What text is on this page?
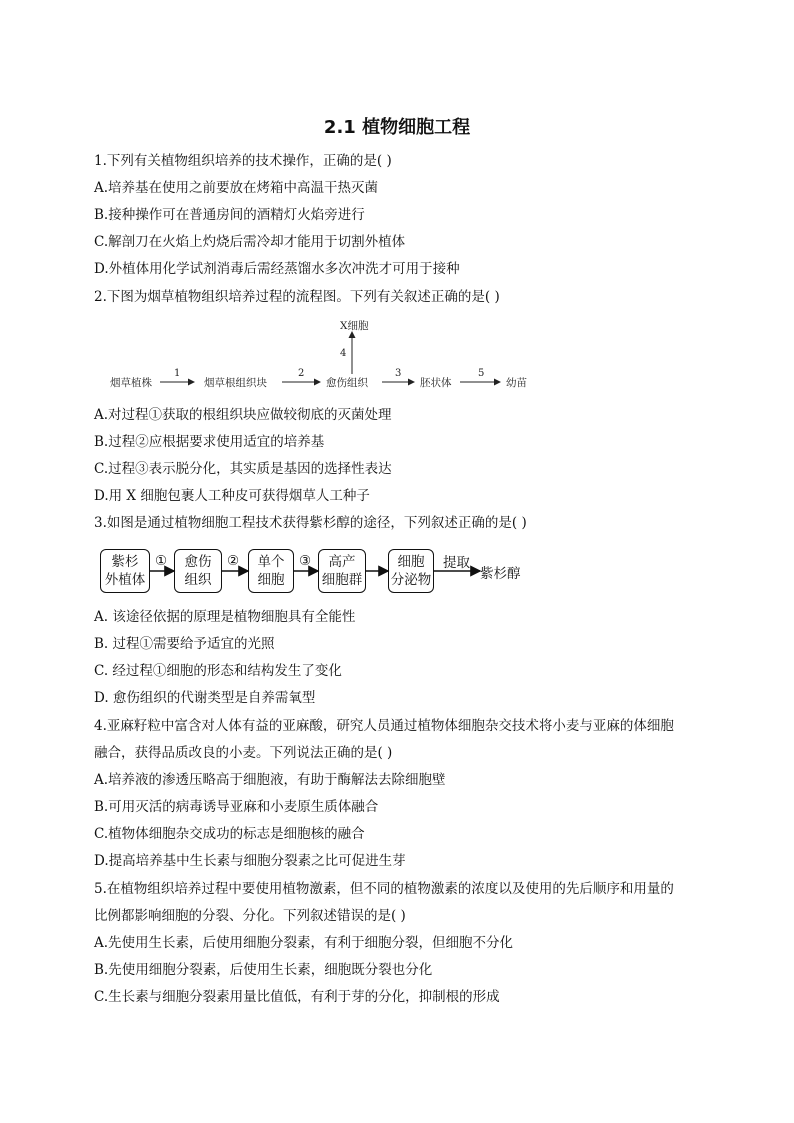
2.1 植物细胞工程
1.下列有关植物组织培养的技术操作，正确的是( )
A.培养基在使用之前要放在烤箱中高温干热灭菌
B.接种操作可在普通房间的酒精灯火焰旁进行
C.解剖刀在火焰上灼烧后需冷却才能用于切割外植体
D.外植体用化学试剂消毒后需经蒸馏水多次冲洗才可用于接种
2.下图为烟草植物组织培养过程的流程图。下列有关叙述正确的是( )
X细胞
4
烟草植株
1
烟草根组织块
2
愈伤组织
3
胚状体
5
幼苗
A.对过程①获取的根组织块应做较彻底的灭菌处理
B.过程②应根据要求使用适宜的培养基
C.过程③表示脱分化，其实质是基因的选择性表达
D.用 X 细胞包裹人工种皮可获得烟草人工种子
3.如图是通过植物细胞工程技术获得紫杉醇的途径，下列叙述正确的是( )
紫杉
外植体
① 愈伤
组织
② 单个
细胞
③ 高产
细胞群
细胞
分泌物
提取
紫杉醇
A. 该途径依据的原理是植物细胞具有全能性
B. 过程①需要给予适宜的光照
C. 经过程①细胞的形态和结构发生了变化
D. 愈伤组织的代谢类型是自养需氧型
4.亚麻籽粒中富含对人体有益的亚麻酸，研究人员通过植物体细胞杂交技术将小麦与亚麻的体细胞
融合，获得品质改良的小麦。下列说法正确的是( )
A.培养液的渗透压略高于细胞液，有助于酶解法去除细胞壁
B.可用灭活的病毒诱导亚麻和小麦原生质体融合
C.植物体细胞杂交成功的标志是细胞核的融合
D.提高培养基中生长素与细胞分裂素之比可促进生芽
5.在植物组织培养过程中要使用植物激素，但不同的植物激素的浓度以及使用的先后顺序和用量的
比例都影响细胞的分裂、分化。下列叙述错误的是( )
A.先使用生长素，后使用细胞分裂素，有利于细胞分裂，但细胞不分化
B.先使用细胞分裂素，后使用生长素，细胞既分裂也分化
C.生长素与细胞分裂素用量比值低，有利于芽的分化，抑制根的形成
